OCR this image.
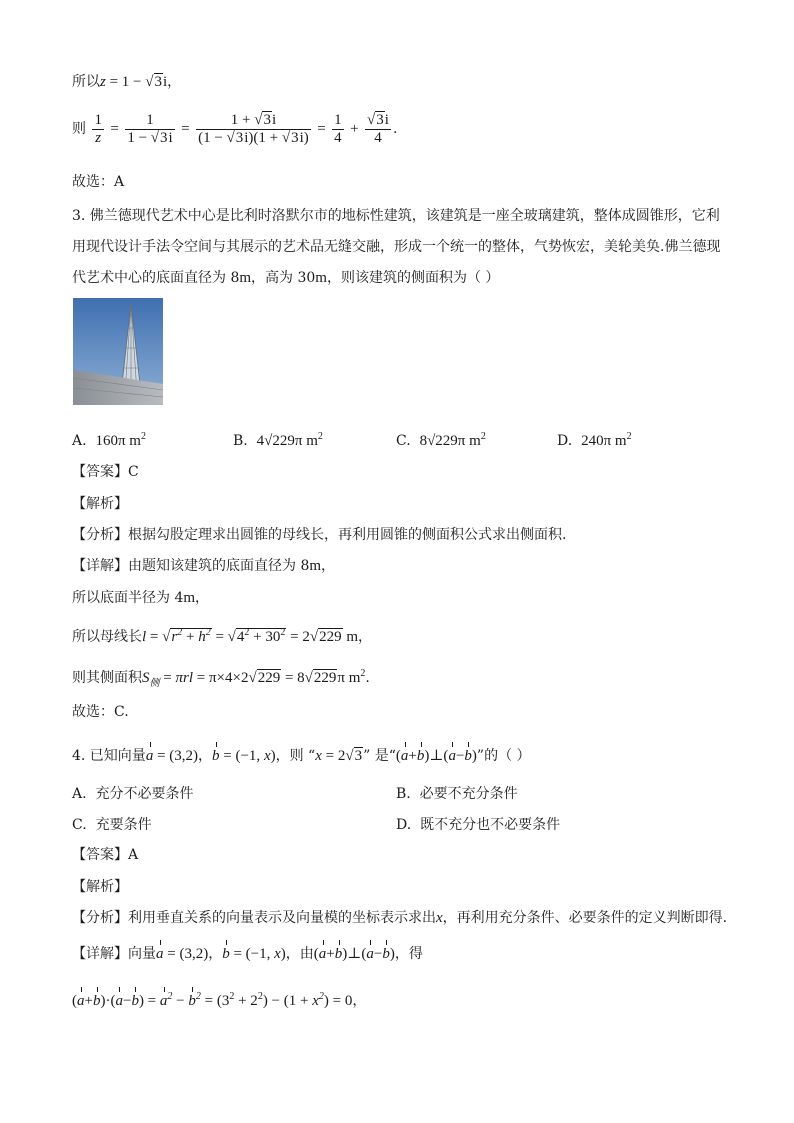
所以z = 1 − √3i，
则 $\frac{1}{z} = \frac{1}{1 - √3i} = \frac{1 + √3i}{(1 - √3i)(1 + √3i)} = \frac{1}{4} + \frac{√3i}{4}$ .
故选：A
3. 佛兰德现代艺术中心是比利时洛默尔市的地标性建筑，该建筑是一座全玻璃建筑，整体成圆锥形，它利
用现代设计手法令空间与其展示的艺术品无缝交融，形成一个统一的整体，气势恢宏，美轮美奂.佛兰德现
代艺术中心的底面直径为 8m，高为 30m，则该建筑的侧面积为（ ）
A. 160π $m^2$	B. 4√229π $m^2$	C. 8√229π $m^2$	D. 240π $m^2$
【答案】C
【解析】
【分析】根据勾股定理求出圆锥的母线长，再利用圆锥的侧面积公式求出侧面积.
【详解】由题知该建筑的底面直径为 8m，
所以底面半径为 4m，
所以母线长$l = √r^2 + h^2 = √4^2 + 30^2 = 2√229$ m，
则其侧面积$S_侧 = \pi rl = \pi\times 4\times 2√229 = 8√229\pi$ $m^2$.
故选：C.
4. 已知向量a = (3,2)，b = (−1, x)，则 “x = 2√3” 是“(a+b)⊥(a−b)”的（ ）
A. 充分不必要条件	B. 必要不充分条件
C. 充要条件	D. 既不充分也不必要条件
【答案】A
【解析】
【分析】利用垂直关系的向量表示及向量模的坐标表示求出x，再利用充分条件、必要条件的定义判断即得.
【详解】向量a = (3,2)，b = (−1, x)，由(a+b)⊥(a−b)，得
$(a+b)\cdot(a-b) = a^2 - b^2 = (3^2 + 2^2) - (1 + x^2) = 0$，
